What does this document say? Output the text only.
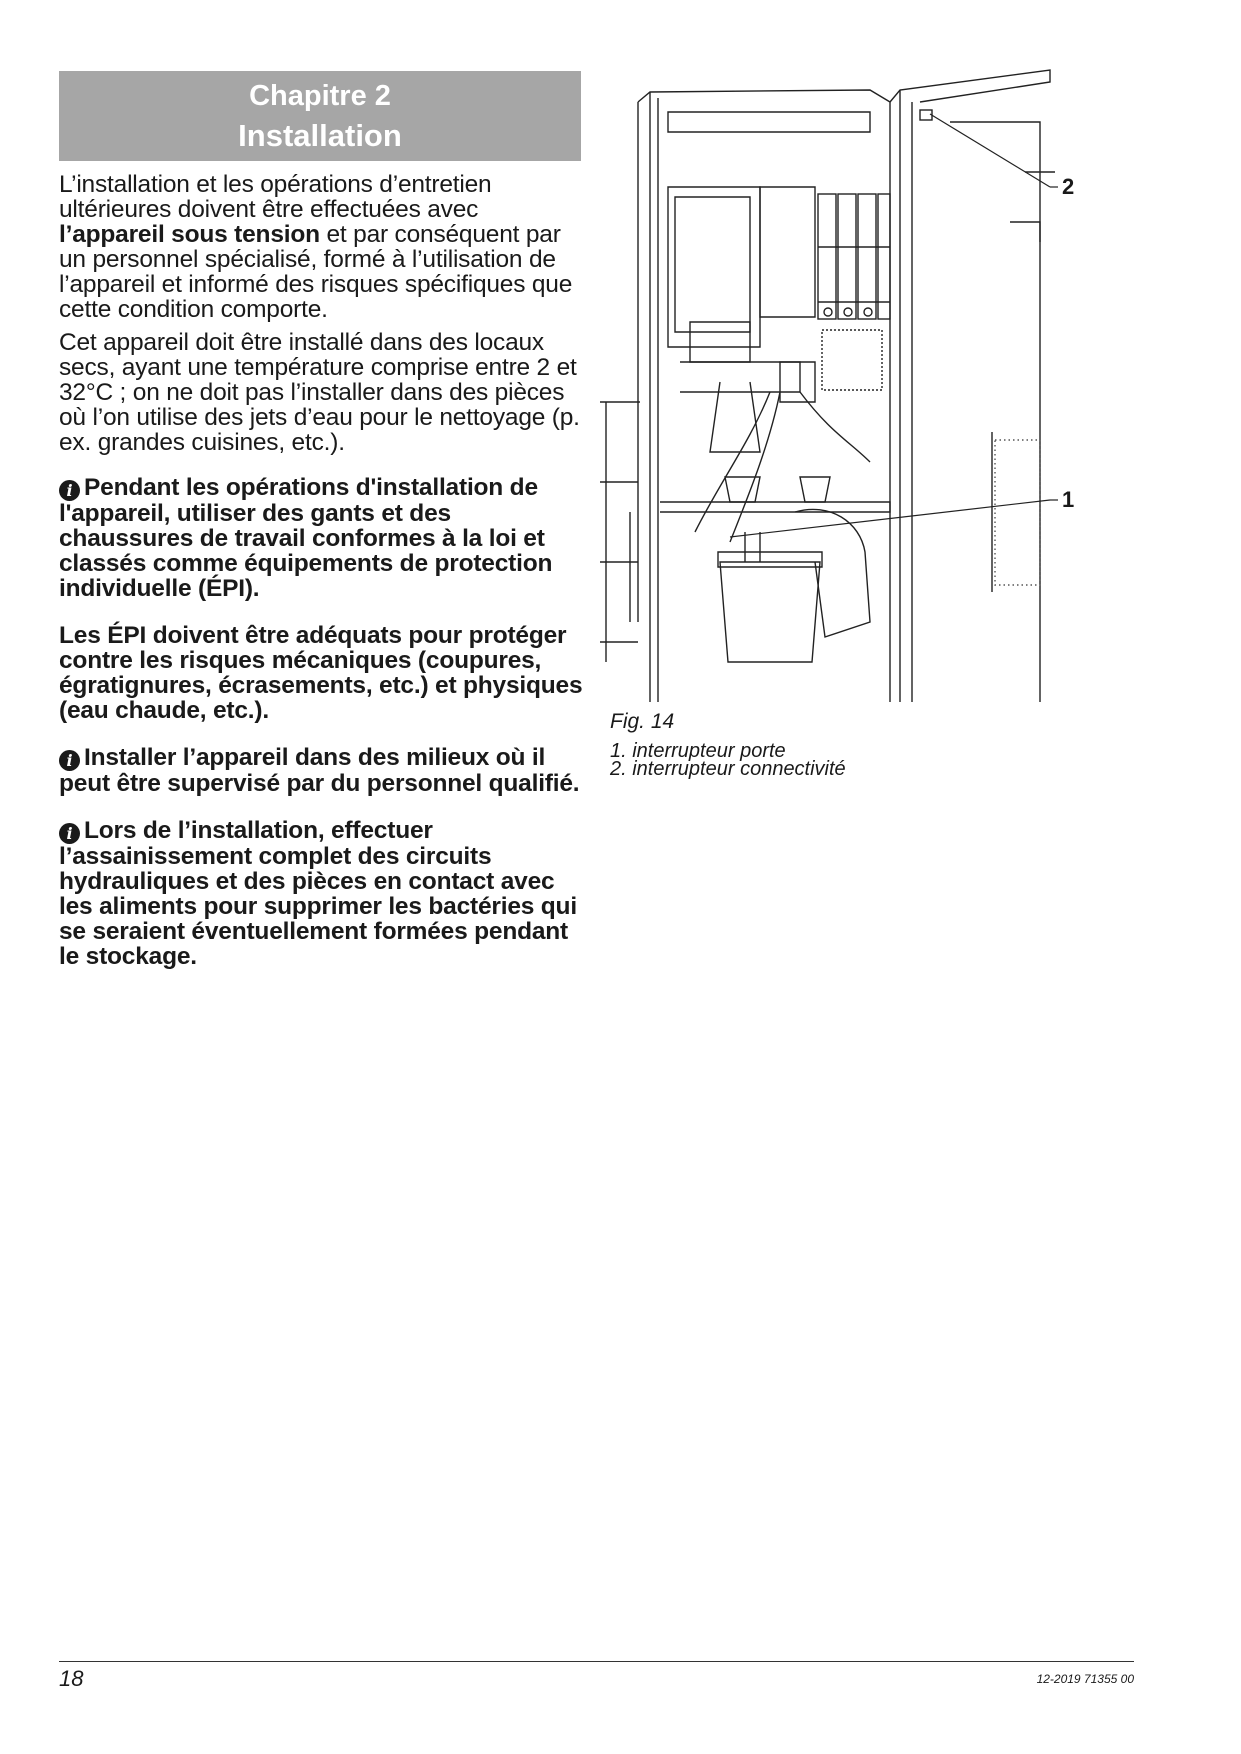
Chapitre 2
Installation

L’installation et les opérations d’entretien ultérieures doivent être effectuées avec l’appareil sous tension et par conséquent par un personnel spécialisé, formé à l’utilisation de l’appareil et informé des risques spécifiques que cette condition comporte.

Cet appareil doit être installé dans des locaux secs, ayant une température comprise entre 2 et 32°C ; on ne doit pas l’installer dans des pièces où l’on utilise des jets d’eau pour le nettoyage (p. ex. grandes cuisines, etc.).

i Pendant les opérations d'installation de l'appareil, utiliser des gants et des chaussures de travail conformes à la loi et classés comme équipements de protection individuelle (ÉPI).

Les ÉPI doivent être adéquats pour protéger contre les risques mécaniques (coupures, égratignures, écrasements, etc.) et physiques (eau chaude, etc.).

i Installer l’appareil dans des milieux où il peut être supervisé par du personnel qualifié.

i Lors de l’installation, effectuer l’assainissement complet des circuits hydrauliques et des pièces en contact avec les aliments pour supprimer les bactéries qui se seraient éventuellement formées pendant le stockage.

2
1
Fig. 14
1. interrupteur porte
2. interrupteur connectivité
18	12-2019 71355 00
